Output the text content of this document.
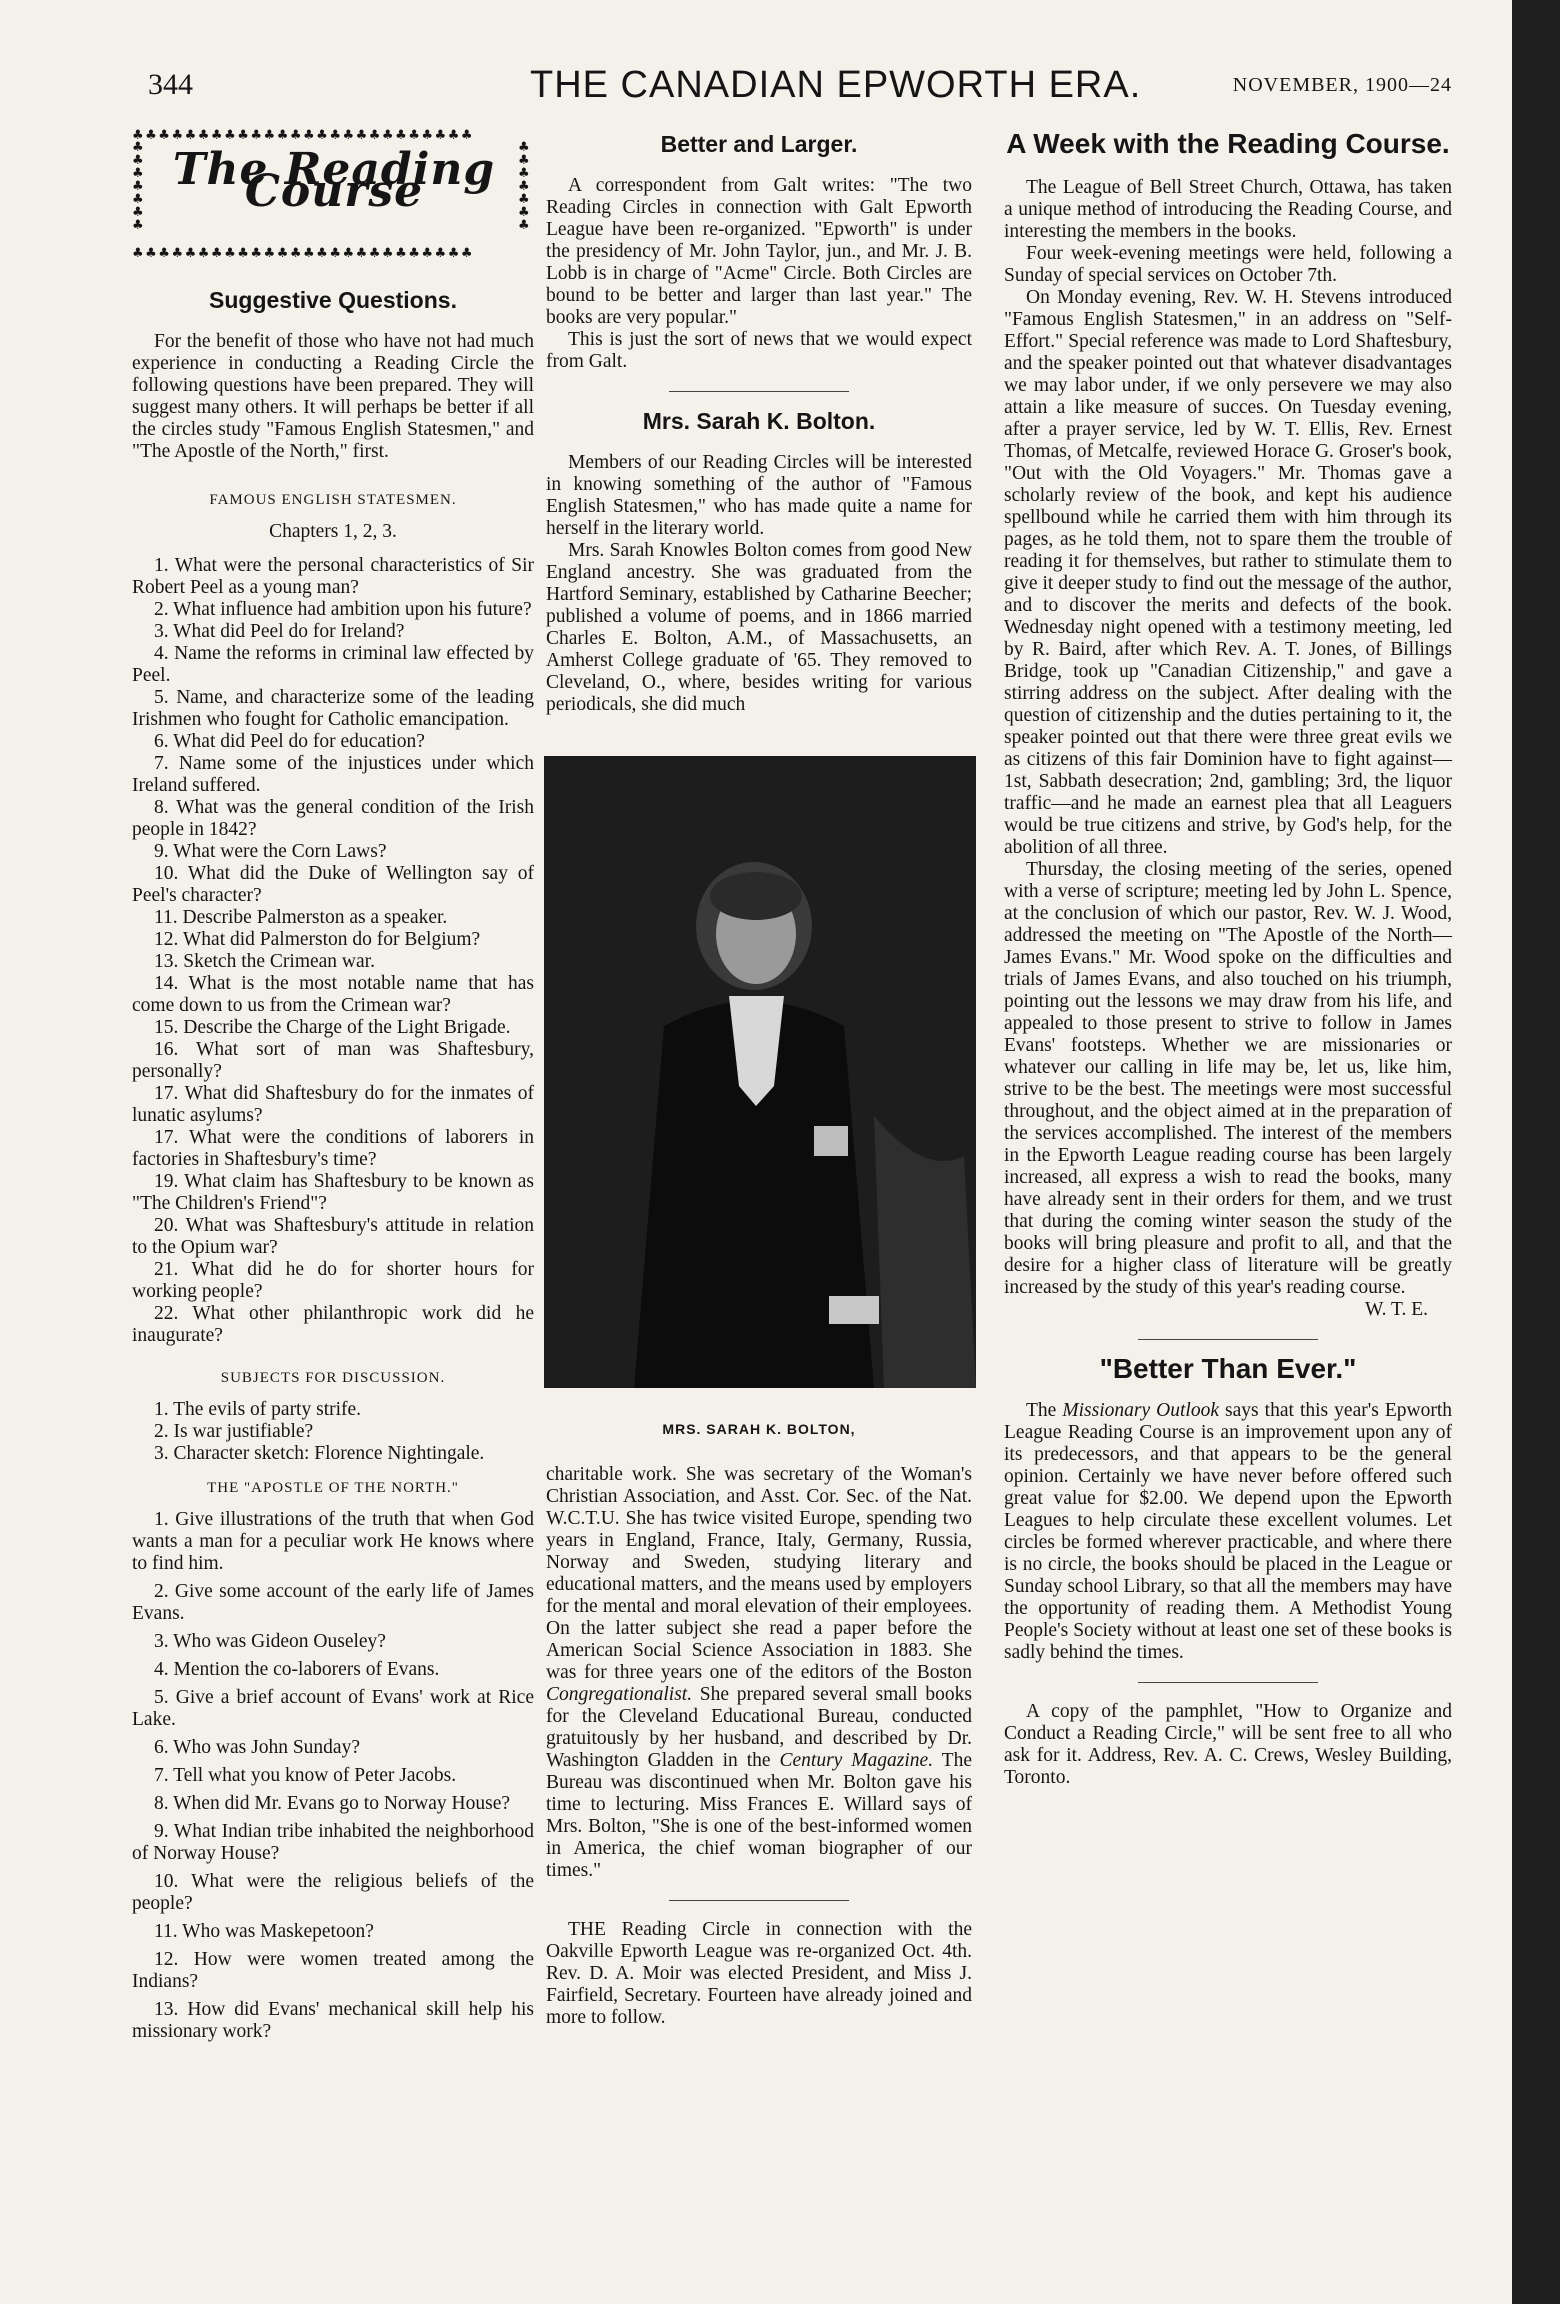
344	THE CANADIAN EPWORTH ERA.	NOVEMBER, 1900—24
♣♣♣♣♣♣♣♣♣♣♣♣♣♣♣♣♣♣♣♣♣♣♣♣♣♣
♣
♣
♣
♣
♣
♣
♣
The Reading Course
♣
♣
♣
♣
♣
♣
♣
♣♣♣♣♣♣♣♣♣♣♣♣♣♣♣♣♣♣♣♣♣♣♣♣♣♣
Suggestive Questions.

For the benefit of those who have not had much experience in conducting a Reading Circle the following questions have been prepared. They will suggest many others. It will perhaps be better if all the circles study "Famous English Statesmen," and "The Apostle of the North," first.

FAMOUS ENGLISH STATESMEN.
Chapters 1, 2, 3.

1. What were the personal characteristics of Sir Robert Peel as a young man?

2. What influence had ambition upon his future?

3. What did Peel do for Ireland?

4. Name the reforms in criminal law effected by Peel.

5. Name, and characterize some of the leading Irishmen who fought for Catholic emancipation.

6. What did Peel do for education?

7. Name some of the injustices under which Ireland suffered.

8. What was the general condition of the Irish people in 1842?

9. What were the Corn Laws?

10. What did the Duke of Wellington say of Peel's character?

11. Describe Palmerston as a speaker.

12. What did Palmerston do for Belgium?

13. Sketch the Crimean war.

14. What is the most notable name that has come down to us from the Crimean war?

15. Describe the Charge of the Light Brigade.

16. What sort of man was Shaftesbury, personally?

17. What did Shaftesbury do for the inmates of lunatic asylums?

17. What were the conditions of laborers in factories in Shaftesbury's time?

19. What claim has Shaftesbury to be known as "The Children's Friend"?

20. What was Shaftesbury's attitude in relation to the Opium war?

21. What did he do for shorter hours for working people?

22. What other philanthropic work did he inaugurate?

SUBJECTS FOR DISCUSSION.

1. The evils of party strife.

2. Is war justifiable?

3. Character sketch: Florence Nightingale.

THE "APOSTLE OF THE NORTH."

1. Give illustrations of the truth that when God wants a man for a peculiar work He knows where to find him.

2. Give some account of the early life of James Evans.

3. Who was Gideon Ouseley?

4. Mention the co-laborers of Evans.

5. Give a brief account of Evans' work at Rice Lake.

6. Who was John Sunday?

7. Tell what you know of Peter Jacobs.

8. When did Mr. Evans go to Norway House?

9. What Indian tribe inhabited the neighborhood of Norway House?

10. What were the religious beliefs of the people?

11. Who was Maskepetoon?

12. How were women treated among the Indians?

13. How did Evans' mechanical skill help his missionary work?

Better and Larger.

A correspondent from Galt writes: "The two Reading Circles in connection with Galt Epworth League have been re-organized. "Epworth" is under the presidency of Mr. John Taylor, jun., and Mr. J. B. Lobb is in charge of "Acme" Circle. Both Circles are bound to be better and larger than last year." The books are very popular."

This is just the sort of news that we would expect from Galt.

Mrs. Sarah K. Bolton.

Members of our Reading Circles will be interested in knowing something of the author of "Famous English Statesmen," who has made quite a name for herself in the literary world.

Mrs. Sarah Knowles Bolton comes from good New England ancestry. She was graduated from the Hartford Seminary, established by Catharine Beecher; published a volume of poems, and in 1866 married Charles E. Bolton, A.M., of Massachusetts, an Amherst College graduate of '65. They removed to Cleveland, O., where, besides writing for various periodicals, she did much

MRS. SARAH K. BOLTON,

charitable work. She was secretary of the Woman's Christian Association, and Asst. Cor. Sec. of the Nat. W.C.T.U. She has twice visited Europe, spending two years in England, France, Italy, Germany, Russia, Norway and Sweden, studying literary and educational matters, and the means used by employers for the mental and moral elevation of their employees. On the latter subject she read a paper before the American Social Science Association in 1883. She was for three years one of the editors of the Boston Congregationalist. She prepared several small books for the Cleveland Educational Bureau, conducted gratuitously by her husband, and described by Dr. Washington Gladden in the Century Magazine. The Bureau was discontinued when Mr. Bolton gave his time to lecturing. Miss Frances E. Willard says of Mrs. Bolton, "She is one of the best-informed women in America, the chief woman biographer of our times."

THE Reading Circle in connection with the Oakville Epworth League was re-organized Oct. 4th. Rev. D. A. Moir was elected President, and Miss J. Fairfield, Secretary. Fourteen have already joined and more to follow.

A Week with the Reading Course.

The League of Bell Street Church, Ottawa, has taken a unique method of introducing the Reading Course, and interesting the members in the books.

Four week-evening meetings were held, following a Sunday of special services on October 7th.

On Monday evening, Rev. W. H. Stevens introduced "Famous English Statesmen," in an address on "Self-Effort." Special reference was made to Lord Shaftesbury, and the speaker pointed out that whatever disadvantages we may labor under, if we only persevere we may also attain a like measure of succes. On Tuesday evening, after a prayer service, led by W. T. Ellis, Rev. Ernest Thomas, of Metcalfe, reviewed Horace G. Groser's book, "Out with the Old Voyagers." Mr. Thomas gave a scholarly review of the book, and kept his audience spellbound while he carried them with him through its pages, as he told them, not to spare them the trouble of reading it for themselves, but rather to stimulate them to give it deeper study to find out the message of the author, and to discover the merits and defects of the book. Wednesday night opened with a testimony meeting, led by R. Baird, after which Rev. A. T. Jones, of Billings Bridge, took up "Canadian Citizenship," and gave a stirring address on the subject. After dealing with the question of citizenship and the duties pertaining to it, the speaker pointed out that there were three great evils we as citizens of this fair Dominion have to fight against—1st, Sabbath desecration; 2nd, gambling; 3rd, the liquor traffic—and he made an earnest plea that all Leaguers would be true citizens and strive, by God's help, for the abolition of all three.

Thursday, the closing meeting of the series, opened with a verse of scripture; meeting led by John L. Spence, at the conclusion of which our pastor, Rev. W. J. Wood, addressed the meeting on "The Apostle of the North—James Evans." Mr. Wood spoke on the difficulties and trials of James Evans, and also touched on his triumph, pointing out the lessons we may draw from his life, and appealed to those present to strive to follow in James Evans' footsteps. Whether we are missionaries or whatever our calling in life may be, let us, like him, strive to be the best. The meetings were most successful throughout, and the object aimed at in the preparation of the services accomplished. The interest of the members in the Epworth League reading course has been largely increased, all express a wish to read the books, many have already sent in their orders for them, and we trust that during the coming winter season the study of the books will bring pleasure and profit to all, and that the desire for a higher class of literature will be greatly increased by the study of this year's reading course.

W. T. E.
"Better Than Ever."

The Missionary Outlook says that this year's Epworth League Reading Course is an improvement upon any of its predecessors, and that appears to be the general opinion. Certainly we have never before offered such great value for $2.00. We depend upon the Epworth Leagues to help circulate these excellent volumes. Let circles be formed wherever practicable, and where there is no circle, the books should be placed in the League or Sunday school Library, so that all the members may have the opportunity of reading them. A Methodist Young People's Society without at least one set of these books is sadly behind the times.

A copy of the pamphlet, "How to Organize and Conduct a Reading Circle," will be sent free to all who ask for it. Address, Rev. A. C. Crews, Wesley Building, Toronto.
